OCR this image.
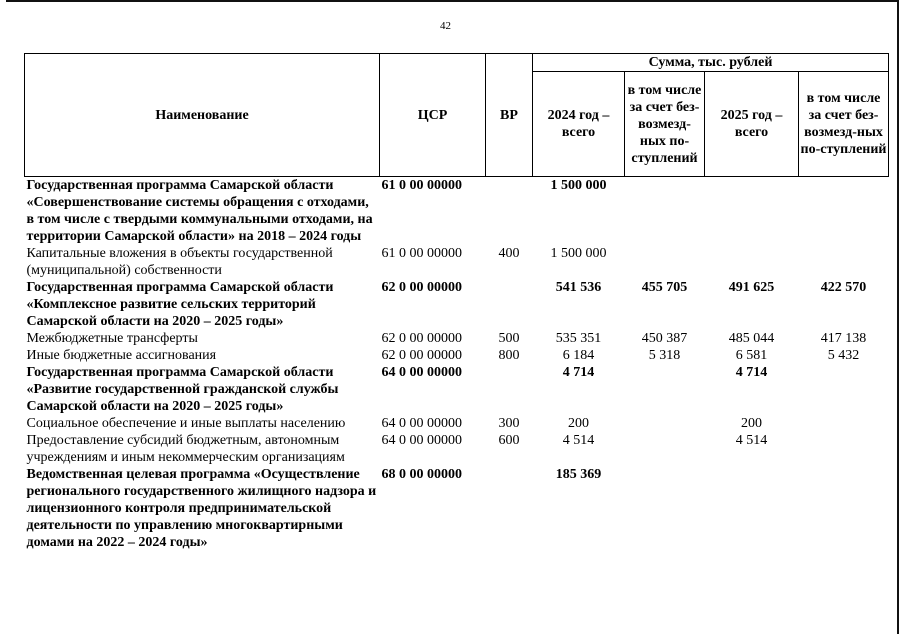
42
Наименование	ЦСР	ВР	Сумма, тыс. рублей			
			2024 год – всего	в том числе за счет без-возмезд-ных по-ступлений	2025 год – всего	в том числе за счет без-возмезд-ных по-ступлений
Государственная программа Самарской области «Совершенствование системы обращения с отходами, в том числе с твердыми коммунальными отходами, на территории Самарской области» на 2018 – 2024 годы	61 0 00 00000		1 500 000			
Капитальные вложения в объекты государственной (муниципальной) собственности	61 0 00 00000	400	1 500 000			
Государственная программа Самарской области «Комплексное развитие сельских территорий Самарской области на 2020 – 2025 годы»	62 0 00 00000		541 536	455 705	491 625	422 570
Межбюджетные трансферты	62 0 00 00000	500	535 351	450 387	485 044	417 138
Иные бюджетные ассигнования	62 0 00 00000	800	6 184	5 318	6 581	5 432
Государственная программа Самарской области «Развитие государственной гражданской службы Самарской области на 2020 – 2025 годы»	64 0 00 00000		4 714		4 714	
Социальное обеспечение и иные выплаты населению	64 0 00 00000	300	200		200	
Предоставление субсидий бюджетным, автономным учреждениям и иным некоммерческим организациям	64 0 00 00000	600	4 514		4 514	
Ведомственная целевая программа «Осуществление регионального государственного жилищного надзора и лицензионного контроля предпринимательской деятельности по управлению многоквартирными домами на 2022 – 2024 годы»	68 0 00 00000		185 369			
